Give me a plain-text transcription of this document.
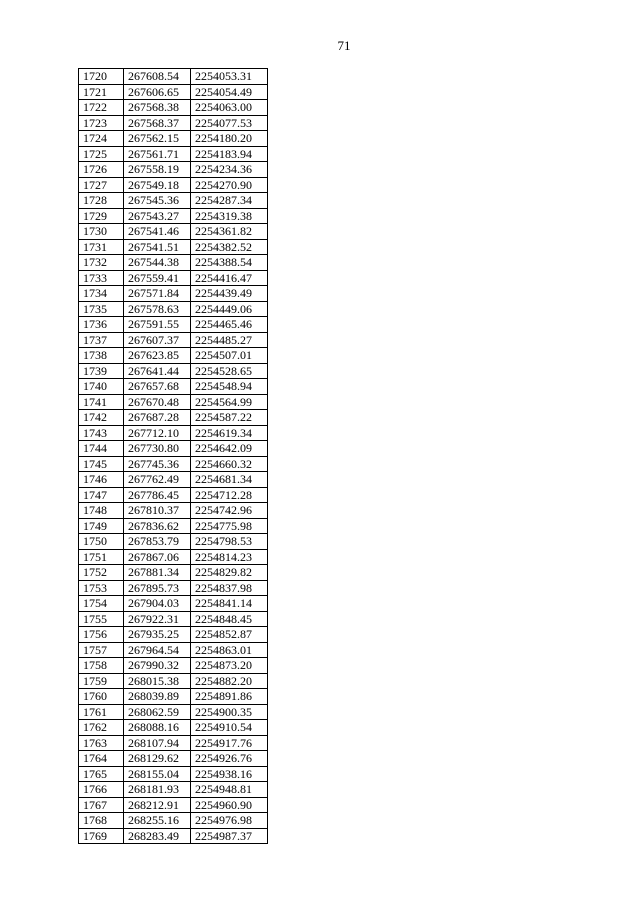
71
1720	267608.54	2254053.31
1721	267606.65	2254054.49
1722	267568.38	2254063.00
1723	267568.37	2254077.53
1724	267562.15	2254180.20
1725	267561.71	2254183.94
1726	267558.19	2254234.36
1727	267549.18	2254270.90
1728	267545.36	2254287.34
1729	267543.27	2254319.38
1730	267541.46	2254361.82
1731	267541.51	2254382.52
1732	267544.38	2254388.54
1733	267559.41	2254416.47
1734	267571.84	2254439.49
1735	267578.63	2254449.06
1736	267591.55	2254465.46
1737	267607.37	2254485.27
1738	267623.85	2254507.01
1739	267641.44	2254528.65
1740	267657.68	2254548.94
1741	267670.48	2254564.99
1742	267687.28	2254587.22
1743	267712.10	2254619.34
1744	267730.80	2254642.09
1745	267745.36	2254660.32
1746	267762.49	2254681.34
1747	267786.45	2254712.28
1748	267810.37	2254742.96
1749	267836.62	2254775.98
1750	267853.79	2254798.53
1751	267867.06	2254814.23
1752	267881.34	2254829.82
1753	267895.73	2254837.98
1754	267904.03	2254841.14
1755	267922.31	2254848.45
1756	267935.25	2254852.87
1757	267964.54	2254863.01
1758	267990.32	2254873.20
1759	268015.38	2254882.20
1760	268039.89	2254891.86
1761	268062.59	2254900.35
1762	268088.16	2254910.54
1763	268107.94	2254917.76
1764	268129.62	2254926.76
1765	268155.04	2254938.16
1766	268181.93	2254948.81
1767	268212.91	2254960.90
1768	268255.16	2254976.98
1769	268283.49	2254987.37
